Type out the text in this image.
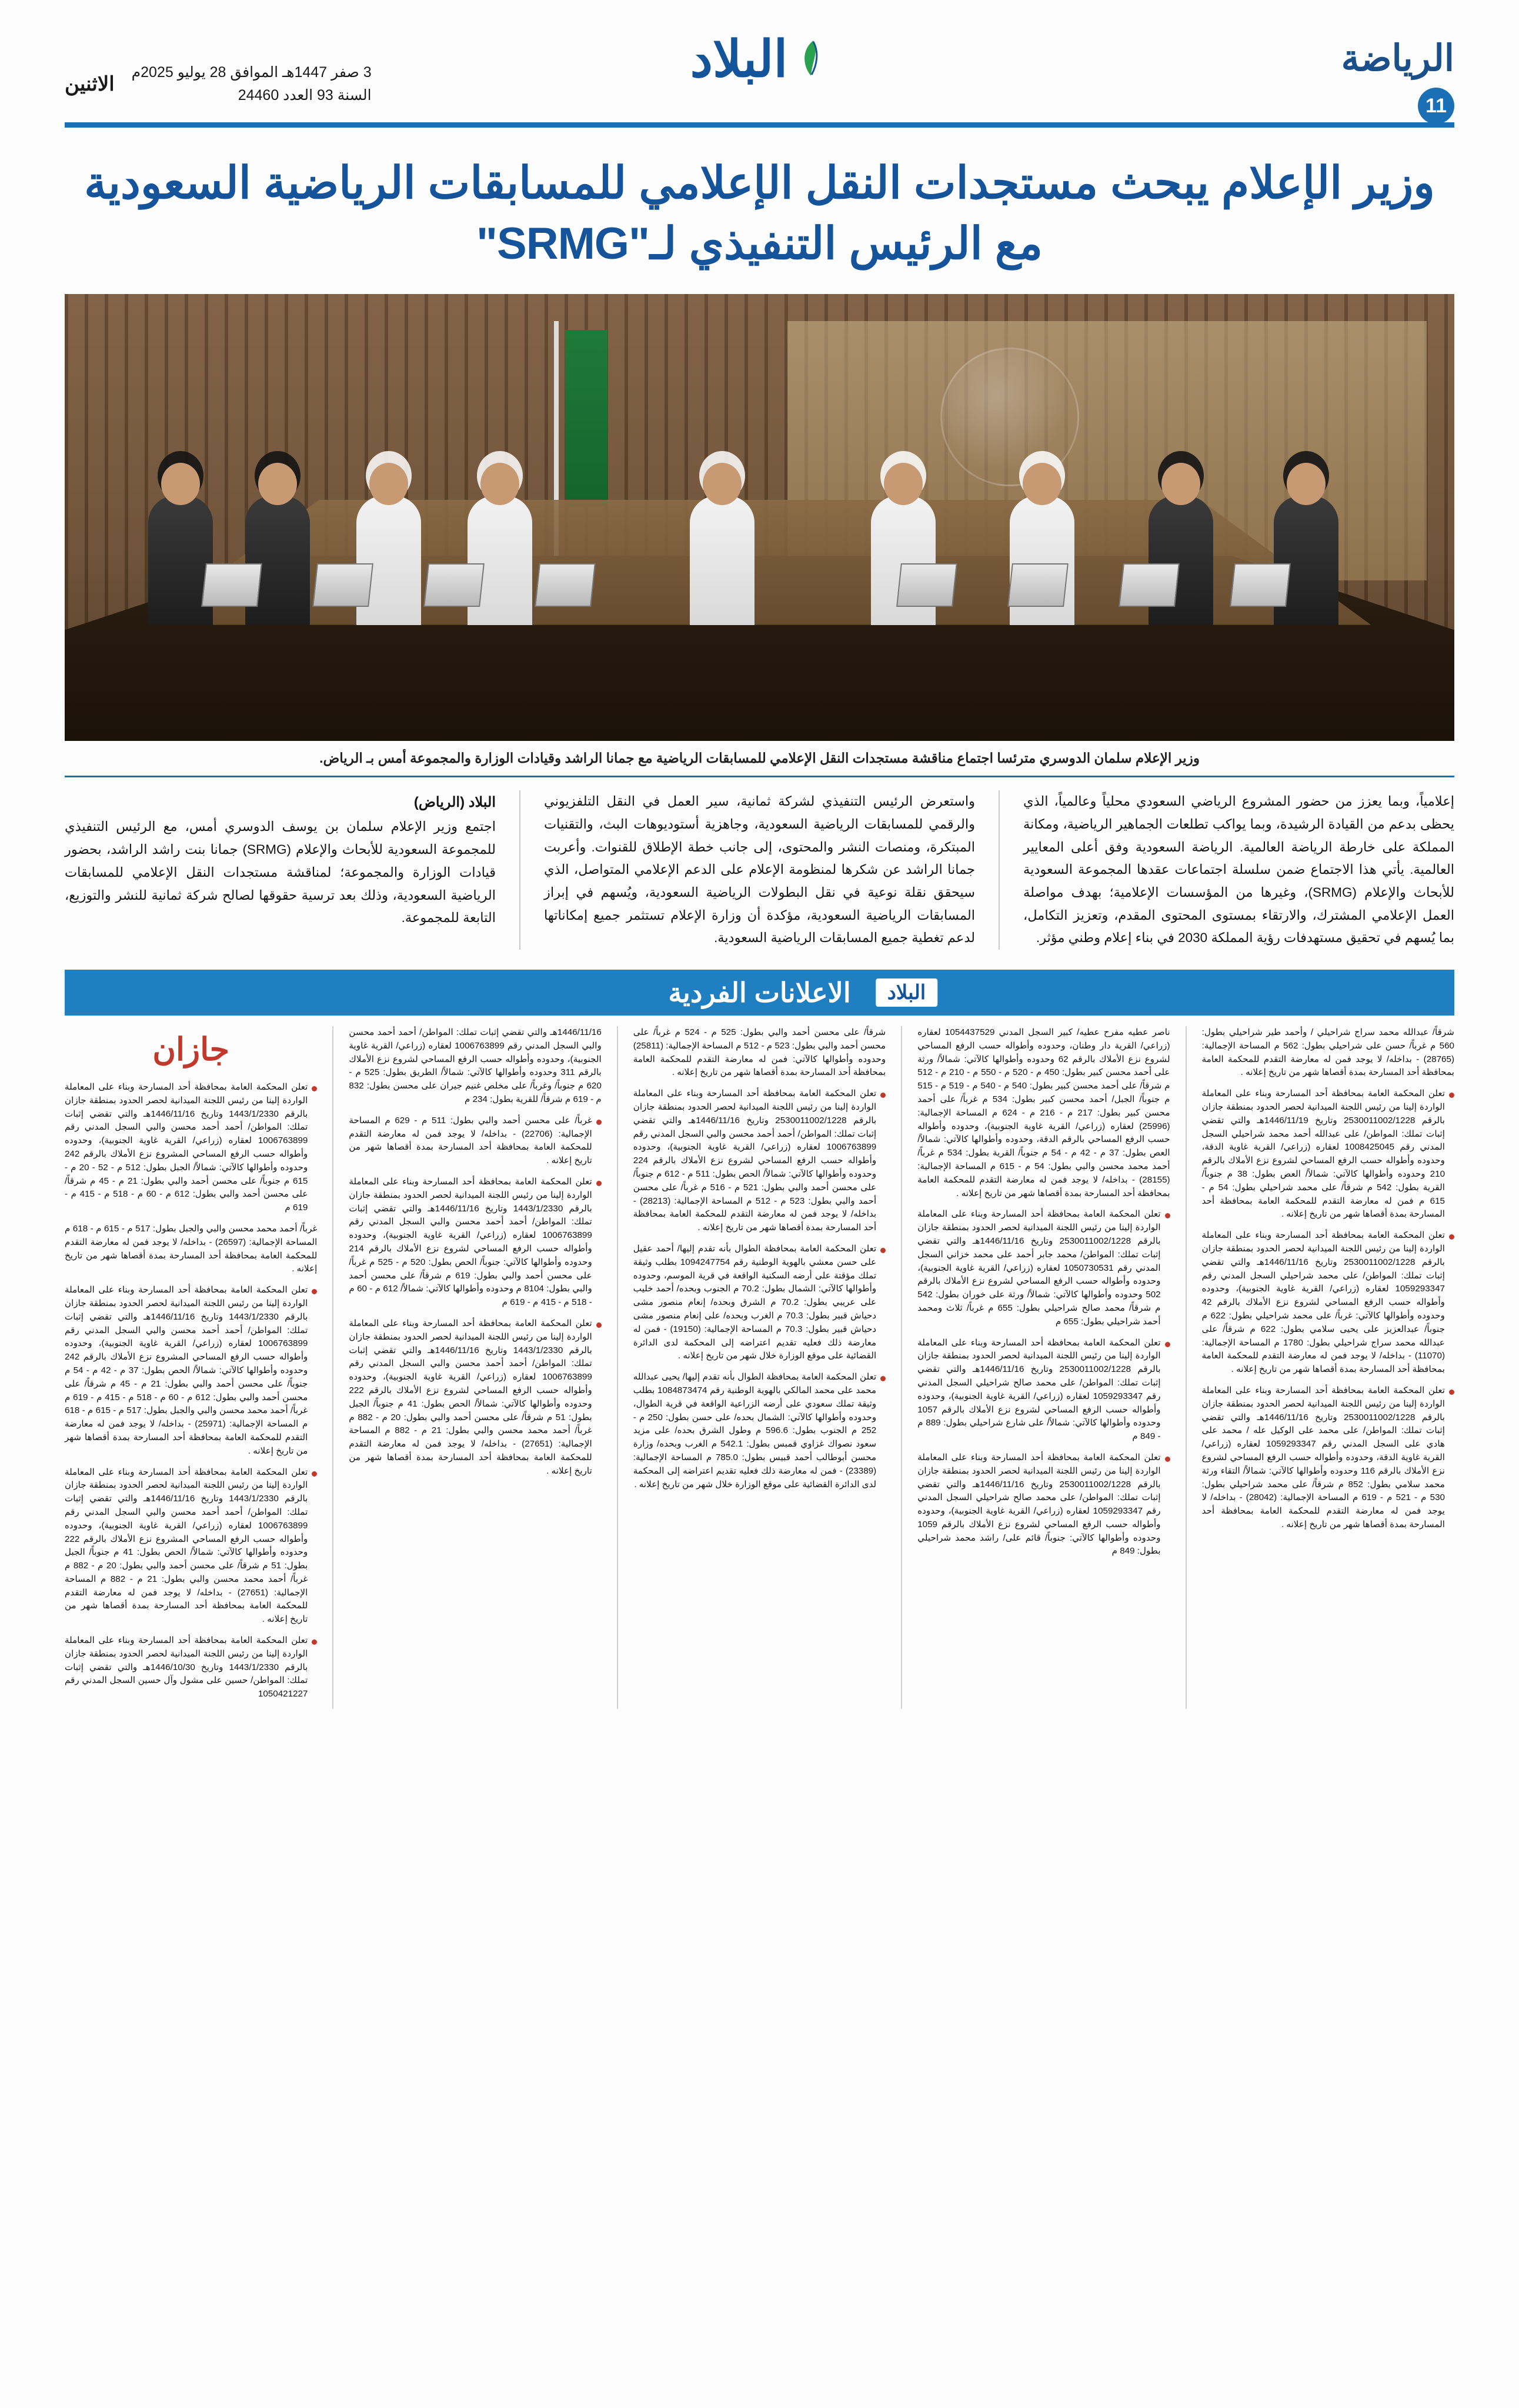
الرياضة
11
البلاد
3 صفر 1447هـ الموافق 28 يوليو 2025م
السنة 93 العدد 24460 الاثنين
وزير الإعلام يبحث مستجدات النقل الإعلامي للمسابقات الرياضية السعودية مع الرئيس التنفيذي لـ"SRMG"
وزير الإعلام سلمان الدوسري مترئسا اجتماع مناقشة مستجدات النقل الإعلامي للمسابقات الرياضية مع جمانا الراشد وقيادات الوزارة والمجموعة أمس بـ الرياض.
إعلامياً، وبما يعزز من حضور المشروع الرياضي السعودي محلياً وعالمياً، الذي يحظى بدعم من القيادة الرشيدة، وبما يواكب تطلعات الجماهير الرياضية، ومكانة المملكة على خارطة الرياضة العالمية. الرياضة السعودية وفق أعلى المعايير العالمية. يأتي هذا الاجتماع ضمن سلسلة اجتماعات عقدها المجموعة السعودية للأبحاث والإعلام (SRMG)، وغيرها من المؤسسات الإعلامية؛ بهدف مواصلة العمل الإعلامي المشترك، والارتقاء بمستوى المحتوى المقدم، وتعزيز التكامل، بما يُسهم في تحقيق مستهدفات رؤية المملكة 2030 في بناء إعلام وطني مؤثر.
واستعرض الرئيس التنفيذي لشركة ثمانية، سير العمل في النقل التلفزيوني والرقمي للمسابقات الرياضية السعودية، وجاهزية أستوديوهات البث، والتقنيات المبتكرة، ومنصات النشر والمحتوى، إلى جانب خطة الإطلاق للقنوات. وأعربت جمانا الراشد عن شكرها لمنظومة الإعلام على الدعم الإعلامي المتواصل، الذي سيحقق نقلة نوعية في نقل البطولات الرياضية السعودية، ويُسهم في إبراز المسابقات الرياضية السعودية، مؤكدة أن وزارة الإعلام تستثمر جميع إمكاناتها لدعم تغطية جميع المسابقات الرياضية السعودية.
البلاد (الرياض)
اجتمع وزير الإعلام سلمان بن يوسف الدوسري أمس، مع الرئيس التنفيذي للمجموعة السعودية للأبحاث والإعلام (SRMG) جمانا بنت راشد الراشد، بحضور قيادات الوزارة والمجموعة؛ لمناقشة مستجدات النقل الإعلامي للمسابقات الرياضية السعودية، وذلك بعد ترسية حقوقها لصالح شركة ثمانية للنشر والتوزيع، التابعة للمجموعة.
الاعلانات الفردية	البلاد
شرقاً/ عبدالله محمد سراج شراحيلي / وأحمد طير شراحيلي بطول: 560 م غرباً/ حسن على شراحيلي بطول: 562 م المساحة الإجمالية: (28765) - بداخله/ لا يوجد فمن له معارضة التقدم للمحكمة العامة بمحافظة أحد المسارحة بمدة أقصاها شهر من تاريخ إعلانه .
تعلن المحكمة العامة بمحافظة أحد المسارحة وبناء على المعاملة الواردة إلينا من رئيس اللجنة الميدانية لحصر الحدود بمنطقة جازان بالرقم 2530011002/1228 وتاريخ 1446/11/19هـ والتي تقضي إثبات تملك: المواطن/ على عبدالله أحمد محمد شراحيلي السجل المدني رقم 1008425045 لعقاره (زراعي/ القرية غاوية الدقة، وحدوده وأطواله حسب الرفع المساحي لشروع نزع الأملاك بالرقم 210 وحدوده وأطوالها كالآتي: شمالاً/ العص بطول: 38 م جنوباً/ القرية بطول: 542 م شرقاً/ على محمد شراحيلي بطول: 54 م - 615 م فمن له معارضة التقدم للمحكمة العامة بمحافظة أحد المسارحة بمدة أقصاها شهر من تاريخ إعلانه .
تعلن المحكمة العامة بمحافظة أحد المسارحة وبناء على المعاملة الواردة إلينا من رئيس اللجنة الميدانية لحصر الحدود بمنطقة جازان بالرقم 2530011002/1228 وتاريخ 1446/11/16هـ والتي تقضي إثبات تملك: المواطن/ على محمد شراحيلي السجل المدني رقم 1059293347 لعقاره (زراعي/ القرية غاوية الجنوبية)، وحدوده وأطواله حسب الرفع المساحي لشروع نزع الأملاك بالرقم 42 وحدوده وأطوالها كالآتي: غرباً/ على محمد شراحيلي بطول: 622 م جنوباً/ عبدالعزيز على يحيى سلامي بطول: 622 م شرقاً/ على عبدالله محمد سراج شراحيلي بطول: 1780 م المساحة الإجمالية: (11070) - بداخله/ لا يوجد فمن له معارضة التقدم للمحكمة العامة بمحافظة أحد المسارحة بمدة أقصاها شهر من تاريخ إعلانه .
تعلن المحكمة العامة بمحافظة أحد المسارحة وبناء على المعاملة الواردة إلينا من رئيس اللجنة الميدانية لحصر الحدود بمنطقة جازان بالرقم 2530011002/1228 وتاريخ 1446/11/16هـ والتي تقضي إثبات تملك: المواطن/ على محمد على الوكيل عله / محمد على هادي على السجل المدني رقم 1059293347 لعقاره (زراعي/ القرية غاوية الدقة، وحدوده وأطواله حسب الرفع المساحي لشروع نزع الأملاك بالرقم 116 وحدوده وأطوالها كالآتي: شمالاً/ التقاء ورثة محمد سلامي بطول: 852 م شرقاً/ على محمد شراحيلي بطول: 530 م - 521 م - 619 م المساحة الإجمالية: (28042) - بداخله/ لا يوجد فمن له معارضة التقدم للمحكمة العامة بمحافظة أحد المسارحة بمدة أقصاها شهر من تاريخ إعلانه .
ناصر عطيه مفرح عطيه/ كبير السجل المدني 1054437529 لعقاره (زراعي/ القرية دار وطنان، وحدوده وأطواله حسب الرفع المساحي لشروع نزع الأملاك بالرقم 62 وحدوده وأطوالها كالآتي: شمالاً/ ورثة على أحمد محسن كبير بطول: 450 م - 520 م - 550 م - 210 م - 512 م شرقاً/ على أحمد محسن كبير بطول: 540 م - 540 م - 519 م - 515 م جنوباً/ الجبل/ أحمد محسن كبير بطول: 534 م غرباً/ على أحمد محسن كبير بطول: 217 م - 216 م - 624 م المساحة الإجمالية: (25996) لعقاره (زراعي/ القرية غاوية الجنوبية)، وحدوده وأطواله حسب الرفع المساحي بالرقم الدقة، وحدوده وأطوالها كالآتي: شمالاً/ العص بطول: 37 م - 42 م - 54 م جنوباً/ القرية بطول: 534 م غرباً/ أحمد محمد محسن والبي بطول: 54 م - 615 م المساحة الإجمالية: (28155) - بداخله/ لا يوجد فمن له معارضة التقدم للمحكمة العامة بمحافظة أحد المسارحة بمدة أقصاها شهر من تاريخ إعلانه .
تعلن المحكمة العامة بمحافظة أحد المسارحة وبناء على المعاملة الواردة إلينا من رئيس اللجنة الميدانية لحصر الحدود بمنطقة جازان بالرقم 2530011002/1228 وتاريخ 1446/11/16هـ والتي تقضي إثبات تملك: المواطن/ محمد جابر أحمد على محمد خزاني السجل المدني رقم 1050730531 لعقاره (زراعي/ القرية غاوية الجنوبية)، وحدوده وأطواله حسب الرفع المساحي لشروع نزع الأملاك بالرقم 502 وحدوده وأطوالها كالآتي: شمالاً/ ورثة على خوران بطول: 542 م شرقاً/ محمد صالح شراحيلي بطول: 655 م غرباً/ ثلاث ومحمد أحمد شراحيلي بطول: 655 م
تعلن المحكمة العامة بمحافظة أحد المسارحة وبناء على المعاملة الواردة إلينا من رئيس اللجنة الميدانية لحصر الحدود بمنطقة جازان بالرقم 2530011002/1228 وتاريخ 1446/11/16هـ والتي تقضي إثبات تملك: المواطن/ على محمد صالح شراحيلي السجل المدني رقم 1059293347 لعقاره (زراعي/ القرية غاوية الجنوبية)، وحدوده وأطواله حسب الرفع المساحي لشروع نزع الأملاك بالرقم 1057 وحدوده وأطوالها كالآتي: شمالاً/ على شارع شراحيلي بطول: 889 م - 849 م
تعلن المحكمة العامة بمحافظة أحد المسارحة وبناء على المعاملة الواردة إلينا من رئيس اللجنة الميدانية لحصر الحدود بمنطقة جازان بالرقم 2530011002/1228 وتاريخ 1446/11/16هـ والتي تقضي إثبات تملك: المواطن/ على محمد صالح شراحيلي السجل المدني رقم 1059293347 لعقاره (زراعي/ القرية غاوية الجنوبية)، وحدوده وأطواله حسب الرفع المساحي لشروع نزع الأملاك بالرقم 1059 وحدوده وأطوالها كالآتي: جنوباً/ قائم على/ راشد محمد شراحيلي بطول: 849 م
شرقاً/ على محسن أحمد والبي بطول: 525 م - 524 م غرباً/ على محسن أحمد والبي بطول: 523 م - 512 م المساحة الإجمالية: (25811) وحدوده وأطوالها كالآتي: فمن له معارضة التقدم للمحكمة العامة بمحافظة أحد المسارحة بمدة أقصاها شهر من تاريخ إعلانه .
تعلن المحكمة العامة بمحافظة أحد المسارحة وبناء على المعاملة الواردة إلينا من رئيس اللجنة الميدانية لحصر الحدود بمنطقة جازان بالرقم 2530011002/1228 وتاريخ 1446/11/16هـ والتي تقضي إثبات تملك: المواطن/ أحمد أحمد محسن والبي السجل المدني رقم 1006763899 لعقاره (زراعي/ القرية غاوية الجنوبية)، وحدوده وأطواله حسب الرفع المساحي لشروع نزع الأملاك بالرقم 224 وحدوده وأطوالها كالآتي: شمالاً/ الحص بطول: 511 م - 612 م جنوباً/ على محسن أحمد والبي بطول: 521 م - 516 م غرباً/ على محسن أحمد والبي بطول: 523 م - 512 م المساحة الإجمالية: (28213) - بداخله/ لا يوجد فمن له معارضة التقدم للمحكمة العامة بمحافظة أحد المسارحة بمدة أقصاها شهر من تاريخ إعلانه .
تعلن المحكمة العامة بمحافظة الطوال بأنه تقدم إليها/ أحمد عقيل على حسن معشي بالهوية الوطنية رقم 1094247754 بطلب وثيقة تملك مؤقتة على أرضه السكنية الواقعة في قرية الموسم، وحدوده وأطوالها كالآتي: الشمال بطول: 70.2 م الجنوب وبحده/ أحمد خليب على عريبي بطول: 70.2 م الشرق وبحده/ إنعام منصور مشى دحياش قبير بطول: 70.3 م الغرب وبحده/ على إنعام منصور مشى دحياش قبير بطول: 70.3 م المساحة الإجمالية: (19150) - فمن له معارضة ذلك فعليه تقديم اعتراضه إلى المحكمة لدى الدائرة القضائية على موقع الوزارة خلال شهر من تاريخ إعلانه .
تعلن المحكمة العامة بمحافظة الطوال بأنه تقدم إليها/ يحيى عبدالله محمد على محمد المالكي بالهوية الوطنية رقم 1084873474 بطلب وثيقة تملك سعودي على أرضه الزراعية الواقعة في قرية الطوال، وحدوده وأطوالها كالآتي: الشمال بحده/ على حسن بطول: 250 م - 252 م الجنوب بطول: 596.6 م وطول الشرق بحده/ على مزيد سعود نصواك غزاوي قمبس بطول: 542.1 م الغرب وبحده/ وزارة محسن أبوطالب أحمد قبيس بطول: 785.0 م المساحة الإجمالية: (23389) - فمن له معارضة ذلك فعليه تقديم اعتراضه إلى المحكمة لدى الدائرة القضائية على موقع الوزارة خلال شهر من تاريخ إعلانه .
1446/11/16هـ والتي تقضي إثبات تملك: المواطن/ أحمد أحمد محسن والبي السجل المدني رقم 1006763899 لعقاره (زراعي/ القرية غاوية الجنوبية)، وحدوده وأطواله حسب الرفع المساحي لشروع نزع الأملاك بالرقم 311 وحدوده وأطوالها كالآتي: شمالاً/ الطريق بطول: 525 م - 620 م جنوباً/ وغرباً/ على مخلص غنيم جيران على محسن بطول: 832 م - 619 م شرقاً/ للقرية بطول: 234 م
غرباً/ على محسن أحمد والبي بطول: 511 م - 629 م المساحة الإجمالية: (22706) - بداخله/ لا يوجد فمن له معارضة التقدم للمحكمة العامة بمحافظة أحد المسارحة بمدة أقصاها شهر من تاريخ إعلانه .
تعلن المحكمة العامة بمحافظة أحد المسارحة وبناء على المعاملة الواردة إلينا من رئيس اللجنة الميدانية لحصر الحدود بمنطقة جازان بالرقم 1443/1/2330 وتاريخ 1446/11/16هـ والتي تقضي إثبات تملك: المواطن/ أحمد أحمد محسن والبي السجل المدني رقم 1006763899 لعقاره (زراعي/ القرية غاوية الجنوبية)، وحدوده وأطواله حسب الرفع المساحي لشروع نزع الأملاك بالرقم 214 وحدوده وأطوالها كالآتي: جنوباً/ الحص بطول: 520 م - 525 م غرباً/ على محسن أحمد والبي بطول: 619 م شرقاً/ على محسن أحمد والبي بطول: 8104 م وحدوده وأطوالها كالآتي: شمالاً/ 612 م - 60 م - 518 م - 415 م - 619 م
تعلن المحكمة العامة بمحافظة أحد المسارحة وبناء على المعاملة الواردة إلينا من رئيس اللجنة الميدانية لحصر الحدود بمنطقة جازان بالرقم 1443/1/2330 وتاريخ 1446/11/16هـ والتي تقضي إثبات تملك: المواطن/ أحمد أحمد محسن والبي السجل المدني رقم 1006763899 لعقاره (زراعي/ القرية غاوية الجنوبية)، وحدوده وأطواله حسب الرفع المساحي لشروع نزع الأملاك بالرقم 222 وحدوده وأطوالها كالآتي: شمالاً/ الحص بطول: 41 م جنوباً/ الجبل بطول: 51 م شرقاً/ على محسن أحمد والبي بطول: 20 م - 882 م غرباً/ أحمد محمد محسن والبي بطول: 21 م - 882 م المساحة الإجمالية: (27651) - بداخله/ لا يوجد فمن له معارضة التقدم للمحكمة العامة بمحافظة أحد المسارحة بمدة أقصاها شهر من تاريخ إعلانه .
جازان
تعلن المحكمة العامة بمحافظة أحد المسارحة وبناء على المعاملة الواردة إلينا من رئيس اللجنة الميدانية لحصر الحدود بمنطقة جازان بالرقم 1443/1/2330 وتاريخ 1446/11/16هـ والتي تقضي إثبات تملك: المواطن/ أحمد أحمد محسن والبي السجل المدني رقم 1006763899 لعقاره (زراعي/ القرية غاوية الجنوبية)، وحدوده وأطواله حسب الرفع المساحي المشروع نزع الأملاك بالرقم 242 وحدوده وأطوالها كالآتي: شمالاً/ الجبل بطول: 512 م - 52 - 20 م - 615 م جنوباً/ على محسن أحمد والبي بطول: 21 م - 45 م شرقاً/ على محسن أحمد والبي بطول: 612 م - 60 م - 518 م - 415 م - 619 م
غرباً/ أحمد محمد محسن والبي والجبل بطول: 517 م - 615 م - 618 م المساحة الإجمالية: (26597) - بداخله/ لا يوجد فمن له معارضة التقدم للمحكمة العامة بمحافظة أحد المسارحة بمدة أقصاها شهر من تاريخ إعلانه .
تعلن المحكمة العامة بمحافظة أحد المسارحة وبناء على المعاملة الواردة إلينا من رئيس اللجنة الميدانية لحصر الحدود بمنطقة جازان بالرقم 1443/1/2330 وتاريخ 1446/11/16هـ والتي تقضي إثبات تملك: المواطن/ أحمد أحمد محسن والبي السجل المدني رقم 1006763899 لعقاره (زراعي/ القرية غاوية الجنوبية)، وحدوده وأطواله حسب الرفع المساحي المشروع نزع الأملاك بالرقم 242 وحدوده وأطوالها كالآتي: شمالاً/ الحص بطول: 37 م - 42 م - 54 م جنوباً/ على محسن أحمد والبي بطول: 21 م - 45 م شرقاً/ على محسن أحمد والبي بطول: 612 م - 60 م - 518 م - 415 م - 619 م غرباً/ أحمد محمد محسن والبي والجبل بطول: 517 م - 615 م - 618 م المساحة الإجمالية: (25971) - بداخله/ لا يوجد فمن له معارضة التقدم للمحكمة العامة بمحافظة أحد المسارحة بمدة أقصاها شهر من تاريخ إعلانه .
تعلن المحكمة العامة بمحافظة أحد المسارحة وبناء على المعاملة الواردة إلينا من رئيس اللجنة الميدانية لحصر الحدود بمنطقة جازان بالرقم 1443/1/2330 وتاريخ 1446/11/16هـ والتي تقضي إثبات تملك: المواطن/ أحمد أحمد محسن والبي السجل المدني رقم 1006763899 لعقاره (زراعي/ القرية غاوية الجنوبية)، وحدوده وأطواله حسب الرفع المساحي المشروع نزع الأملاك بالرقم 222 وحدوده وأطوالها كالآتي: شمالاً/ الحص بطول: 41 م جنوباً/ الجبل بطول: 51 م شرقاً/ على محسن أحمد والبي بطول: 20 م - 882 م غرباً/ أحمد محمد محسن والبي بطول: 21 م - 882 م المساحة الإجمالية: (27651) - بداخله/ لا يوجد فمن له معارضة التقدم للمحكمة العامة بمحافظة أحد المسارحة بمدة أقصاها شهر من تاريخ إعلانه .
تعلن المحكمة العامة بمحافظة أحد المسارحة وبناء على المعاملة الواردة إلينا من رئيس اللجنة الميدانية لحصر الحدود بمنطقة جازان بالرقم 1443/1/2330 وتاريخ 1446/10/30هـ والتي تقضي إثبات تملك: المواطن/ حسين على مشول وآل حسين السجل المدني رقم 1050421227
